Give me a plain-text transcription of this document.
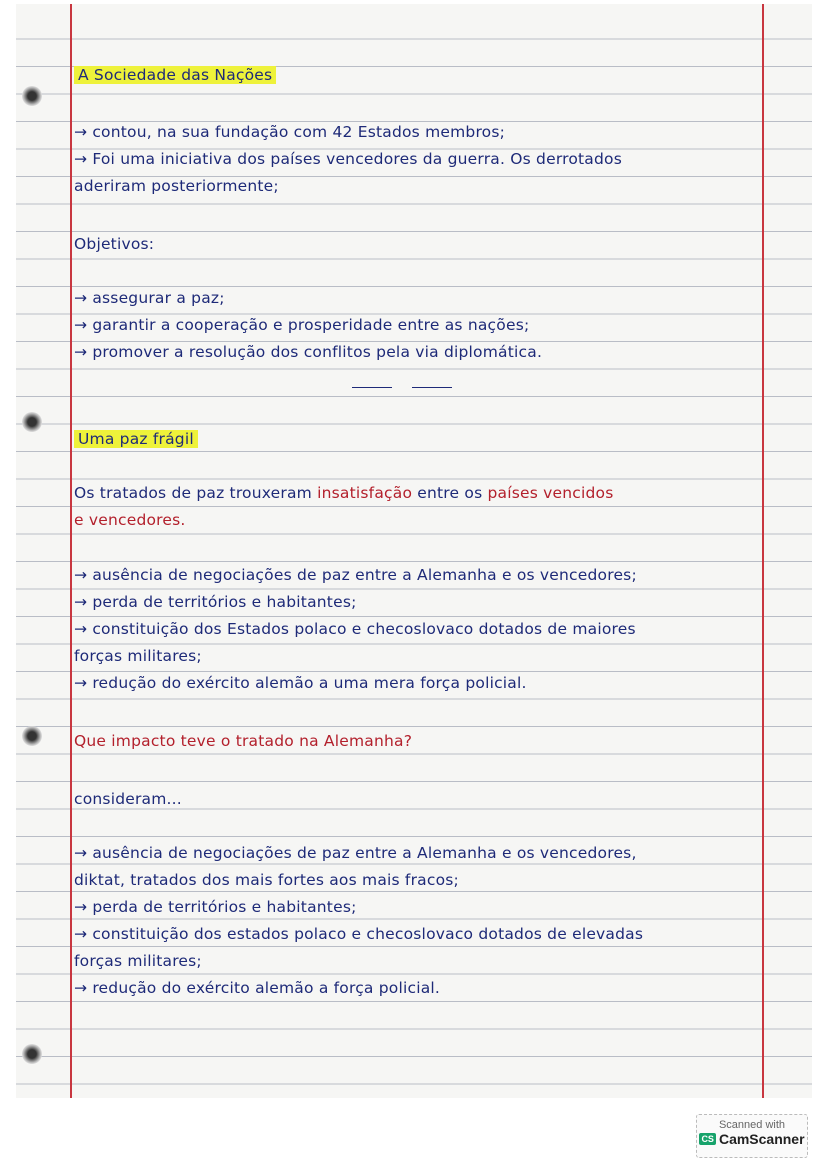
A Sociedade das Nações
→ contou, na sua fundação com 42 Estados membros;
→ Foi uma iniciativa dos países vencedores da guerra. Os derrotados
aderiram posteriormente;
Objetivos:
→ assegurar a paz;
→ garantir a cooperação e prosperidade entre as nações;
→ promover a resolução dos conflitos pela via diplomática.
Uma paz frágil
Os tratados de paz trouxeram insatisfação entre os países vencidos
e vencedores.
→ ausência de negociações de paz entre a Alemanha e os vencedores;
→ perda de territórios e habitantes;
→ constituição dos Estados polaco e checoslovaco dotados de maiores
forças militares;
→ redução do exército alemão a uma mera força policial.
Que impacto teve o tratado na Alemanha?
consideram...
→ ausência de negociações de paz entre a Alemanha e os vencedores,
diktat, tratados dos mais fortes aos mais fracos;
→ perda de territórios e habitantes;
→ constituição dos estados polaco e checoslovaco dotados de elevadas
forças militares;
→ redução do exército alemão a força policial.
Scanned with
CS CamScanner
